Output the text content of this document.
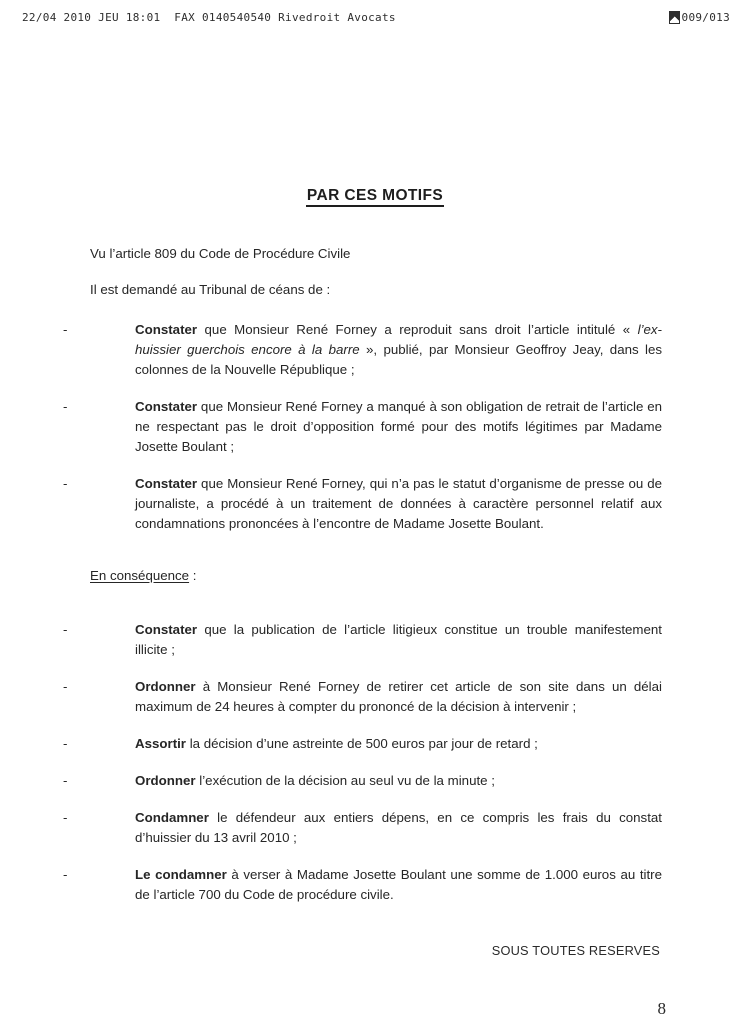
22/04 2010 JEU 18:01  FAX 0140540540 Rivedroit Avocats	009/013
PAR CES MOTIFS

Vu l’article 809 du Code de Procédure Civile

Il est demandé au Tribunal de céans de :

-	Constater que Monsieur René Forney a reproduit sans droit l’article intitulé « l’ex-huissier guerchois encore à la barre », publié, par Monsieur Geoffroy Jeay, dans les colonnes de la Nouvelle République ;

-	Constater que Monsieur René Forney a manqué à son obligation de retrait de l’article en ne respectant pas le droit d’opposition formé pour des motifs légitimes par Madame Josette Boulant ;

-	Constater que Monsieur René Forney, qui n’a pas le statut d’organisme de presse ou de journaliste, a procédé à un traitement de données à caractère personnel relatif aux condamnations prononcées à l’encontre de Madame Josette Boulant.

En conséquence :

-	Constater que la publication de l’article litigieux constitue un trouble manifestement illicite ;

-	Ordonner à Monsieur René Forney de retirer cet article de son site dans un délai maximum de 24 heures à compter du prononcé de la décision à intervenir ;

-	Assortir la décision d’une astreinte de 500 euros par jour de retard ;

-	Ordonner l’exécution de la décision au seul vu de la minute ;

-	Condamner le défendeur aux entiers dépens, en ce compris les frais du constat d’huissier du 13 avril 2010 ;

-	Le condamner à verser à Madame Josette Boulant une somme de 1.000 euros au titre de l’article 700 du Code de procédure civile.

SOUS TOUTES RESERVES

8
